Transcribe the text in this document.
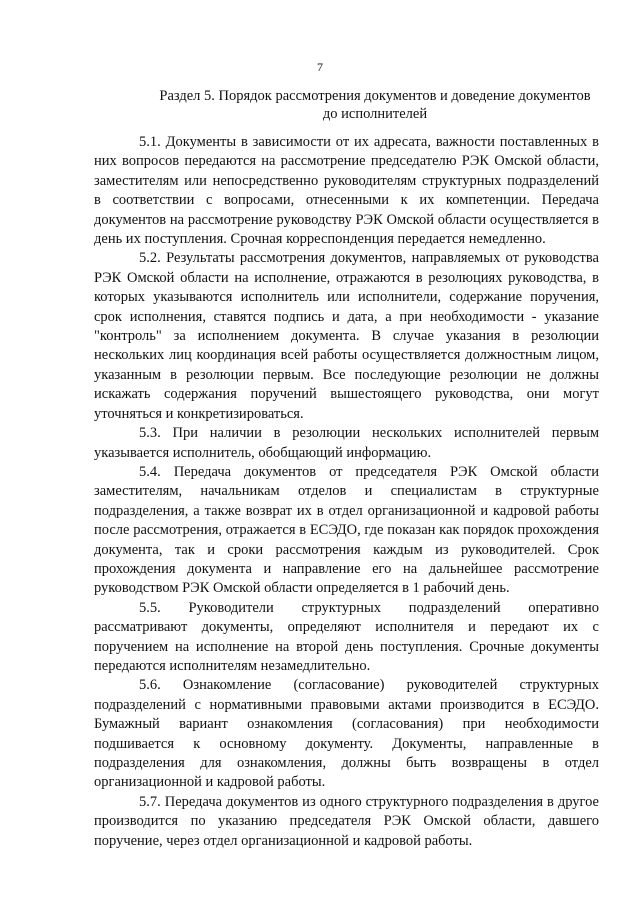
7
Раздел 5. Порядок рассмотрения документов и доведение документов
до исполнителей

5.1. Документы в зависимости от их адресата, важности поставленных в них вопросов передаются на рассмотрение председателю РЭК Омской области, заместителям или непосредственно руководителям структурных подразделений в соответствии с вопросами, отнесенными к их компетенции. Передача документов на рассмотрение руководству РЭК Омской области осуществляется в день их поступления. Срочная корреспонденция передается немедленно.

5.2. Результаты рассмотрения документов, направляемых от руководства РЭК Омской области на исполнение, отражаются в резолюциях руководства, в которых указываются исполнитель или исполнители, содержание поручения, срок исполнения, ставятся подпись и дата, а при необходимости - указание "контроль" за исполнением документа. В случае указания в резолюции нескольких лиц координация всей работы осуществляется должностным лицом, указанным в резолюции первым. Все последующие резолюции не должны искажать содержания поручений вышестоящего руководства, они могут уточняться и конкретизироваться.

5.3. При наличии в резолюции нескольких исполнителей первым указывается исполнитель, обобщающий информацию.

5.4. Передача документов от председателя РЭК Омской области заместителям, начальникам отделов и специалистам в структурные подразделения, а также возврат их в отдел организационной и кадровой работы после рассмотрения, отражается в ЕСЭДО, где показан как порядок прохождения документа, так и сроки рассмотрения каждым из руководителей. Срок прохождения документа и направление его на дальнейшее рассмотрение руководством РЭК Омской области определяется в 1 рабочий день.

5.5. Руководители структурных подразделений оперативно рассматривают документы, определяют исполнителя и передают их с поручением на исполнение на второй день поступления. Срочные документы передаются исполнителям незамедлительно.

5.6. Ознакомление (согласование) руководителей структурных подразделений с нормативными правовыми актами производится в ЕСЭДО. Бумажный вариант ознакомления (согласования) при необходимости подшивается к основному документу. Документы, направленные в подразделения для ознакомления, должны быть возвращены в отдел организационной и кадровой работы.

5.7. Передача документов из одного структурного подразделения в другое производится по указанию председателя РЭК Омской области, давшего поручение, через отдел организационной и кадровой работы.
